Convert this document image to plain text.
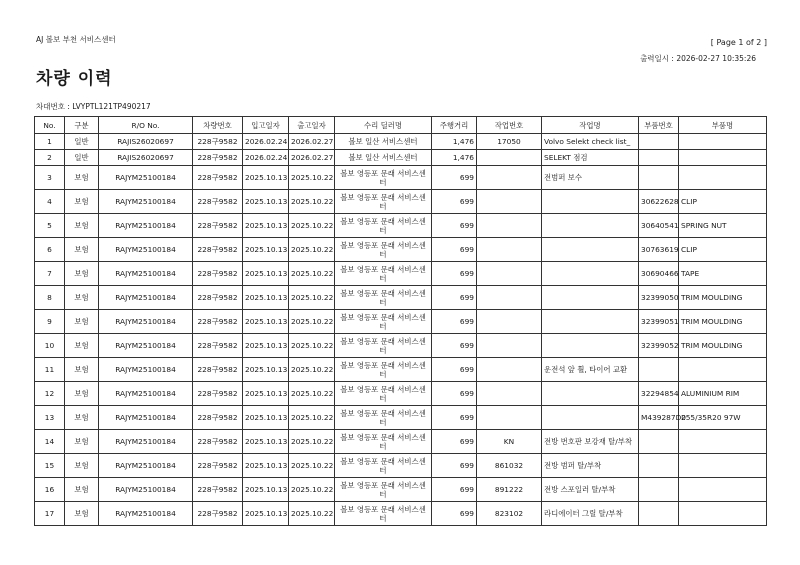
AJ 볼보 부천 서비스센터	[ Page 1 of 2 ]
출력일시 : 2026-02-27 10:35:26
차량 이력
차대번호 : LVYPTL121TP490217
No.	구분	R/O No.	차량번호	입고일자	출고일자	수리 딜러명	주행거리	작업번호	작업명	부품번호	부품명
1	일반	RAJIS26020697	228구9582	2026.02.24	2026.02.27	볼보 일산 서비스센터	1,476	17050	Volvo Selekt check list_		
2	일반	RAJIS26020697	228구9582	2026.02.24	2026.02.27	볼보 일산 서비스센터	1,476		SELEKT 점검		
3	보험	RAJYM25100184	228구9582	2025.10.13	2025.10.22	볼보 영등포 문래 서비스센터	699		전범퍼 보수		
4	보험	RAJYM25100184	228구9582	2025.10.13	2025.10.22	볼보 영등포 문래 서비스센터	699			30622628	CLIP
5	보험	RAJYM25100184	228구9582	2025.10.13	2025.10.22	볼보 영등포 문래 서비스센터	699			30640541	SPRING NUT
6	보험	RAJYM25100184	228구9582	2025.10.13	2025.10.22	볼보 영등포 문래 서비스센터	699			30763619	CLIP
7	보험	RAJYM25100184	228구9582	2025.10.13	2025.10.22	볼보 영등포 문래 서비스센터	699			30690466	TAPE
8	보험	RAJYM25100184	228구9582	2025.10.13	2025.10.22	볼보 영등포 문래 서비스센터	699			32399050	TRIM MOULDING
9	보험	RAJYM25100184	228구9582	2025.10.13	2025.10.22	볼보 영등포 문래 서비스센터	699			32399051	TRIM MOULDING
10	보험	RAJYM25100184	228구9582	2025.10.13	2025.10.22	볼보 영등포 문래 서비스센터	699			32399052	TRIM MOULDING
11	보험	RAJYM25100184	228구9582	2025.10.13	2025.10.22	볼보 영등포 문래 서비스센터	699		운전석 앞 휠, 타이어 교환		
12	보험	RAJYM25100184	228구9582	2025.10.13	2025.10.22	볼보 영등포 문래 서비스센터	699			32294854	ALUMINIUM RIM
13	보험	RAJYM25100184	228구9582	2025.10.13	2025.10.22	볼보 영등포 문래 서비스센터	699			M439287D0	255/35R20 97W
14	보험	RAJYM25100184	228구9582	2025.10.13	2025.10.22	볼보 영등포 문래 서비스센터	699	KN	전방 번호판 보강재 탈/부착		
15	보험	RAJYM25100184	228구9582	2025.10.13	2025.10.22	볼보 영등포 문래 서비스센터	699	861032	전방 범퍼 탈/부착		
16	보험	RAJYM25100184	228구9582	2025.10.13	2025.10.22	볼보 영등포 문래 서비스센터	699	891222	전방 스포일러 탈/부착		
17	보험	RAJYM25100184	228구9582	2025.10.13	2025.10.22	볼보 영등포 문래 서비스센터	699	823102	라디에이터 그릴 탈/부착		
